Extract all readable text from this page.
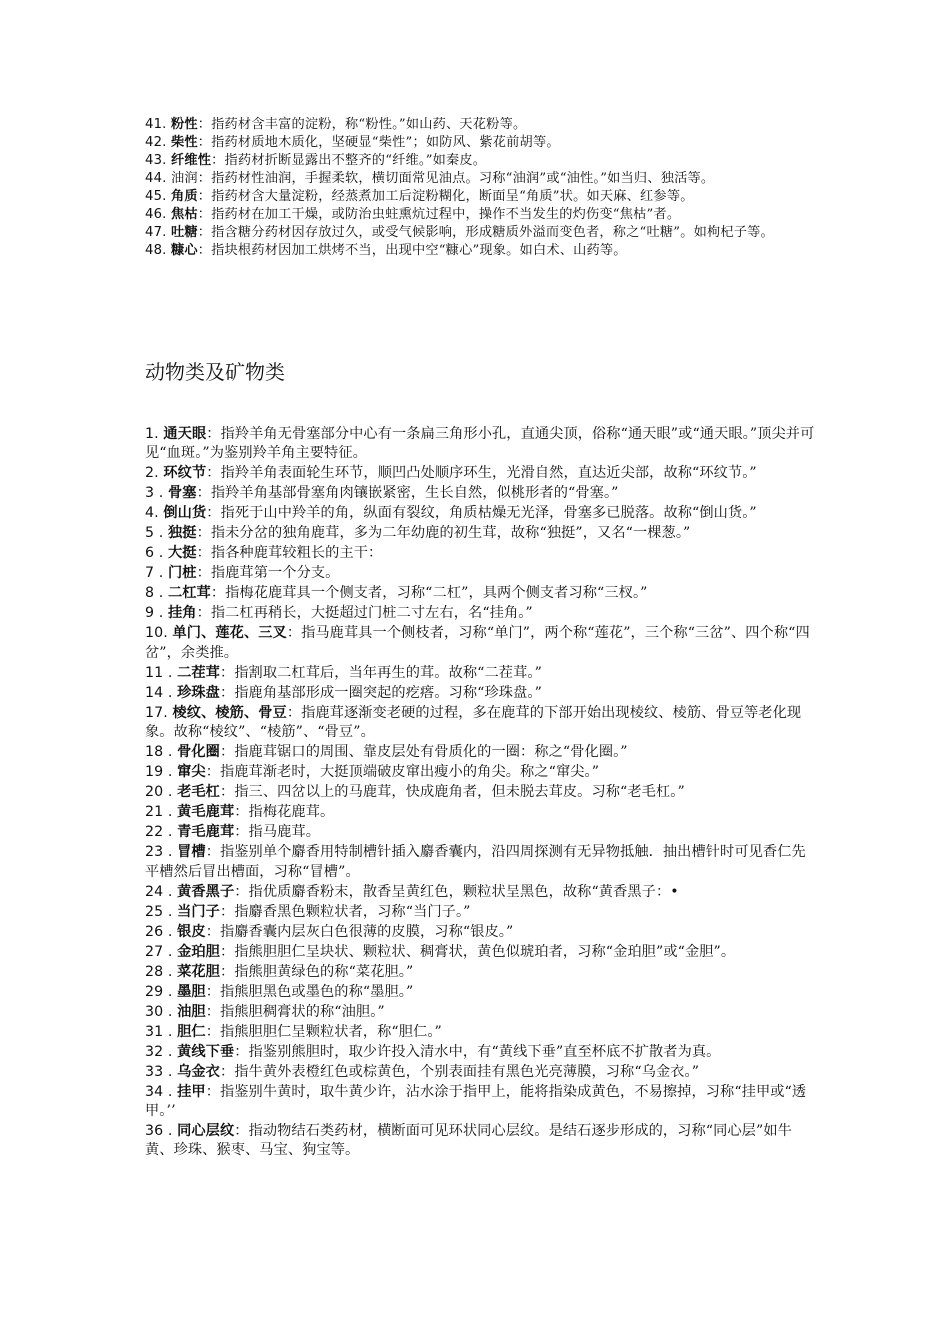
41. 粉性：指药材含丰富的淀粉，称“粉性。”如山药、天花粉等。

42. 柴性：指药材质地木质化，坚硬显“柴性”；如防风、紫花前胡等。

43. 纤维性：指药材折断显露出不整齐的“纤维。”如秦皮。

44. 油润：指药材性油润，手握柔软，横切面常见油点。习称“油润”或“油性。”如当归、独活等。

45. 角质：指药材含大量淀粉，经蒸煮加工后淀粉糊化，断面呈“角质”状。如天麻、红参等。

46. 焦枯：指药材在加工干燥，或防治虫蛀熏炕过程中，操作不当发生的灼伤变“焦枯”者。

47. 吐糖：指含糖分药材因存放过久，或受气候影响，形成糖质外溢而变色者，称之“吐糖”。如枸杞子等。

48. 糠心：指块根药材因加工烘烤不当，出现中空“糠心”现象。如白术、山药等。

动物类及矿物类

1. 通天眼：指羚羊角无骨塞部分中心有一条扁三角形小孔，直通尖顶，俗称“通天眼”或“通天眼。”顶尖并可见“血斑。”为鉴别羚羊角主要特征。

2. 环纹节：指羚羊角表面轮生环节，顺凹凸处顺序环生，光滑自然，直达近尖部，故称“环纹节。”

3 . 骨塞：指羚羊角基部骨塞角肉镶嵌紧密，生长自然，似桃形者的“骨塞。”

4. 倒山货：指死于山中羚羊的角，纵面有裂纹，角质枯燥无光泽，骨塞多已脱落。故称“倒山货。”

5 . 独挺：指未分岔的独角鹿茸，多为二年幼鹿的初生茸，故称“独挺”，又名“一棵葱。”

6 . 大挺：指各种鹿茸较粗长的主干：

7 . 门桩：指鹿茸第一个分支。

8 . 二杠茸：指梅花鹿茸具一个侧支者，习称“二杠”，具两个侧支者习称“三杈。”

9 . 挂角：指二杠再稍长，大挺超过门桩二寸左右，名“挂角。”

10. 单门、莲花、三叉：指马鹿茸具一个侧枝者，习称“单门”，两个称“莲花”，三个称“三岔”、四个称“四岔”，余类推。

11 . 二茬茸：指割取二杠茸后，当年再生的茸。故称“二茬茸。”

14 . 珍珠盘：指鹿角基部形成一圈突起的疙瘩。习称“珍珠盘。”

17. 棱纹、棱筋、骨豆：指鹿茸逐渐变老硬的过程，多在鹿茸的下部开始出现棱纹、棱筋、骨豆等老化现象。故称“棱纹”、“棱筋”、“骨豆”。

18 . 骨化圈：指鹿茸锯口的周围、靠皮层处有骨质化的一圈：称之“骨化圈。”

19 . 窜尖：指鹿茸渐老时，大挺顶端破皮窜出瘦小的角尖。称之“窜尖。”

20 . 老毛杠：指三、四岔以上的马鹿茸，快成鹿角者，但未脱去茸皮。习称“老毛杠。”

21 . 黄毛鹿茸：指梅花鹿茸。

22 . 青毛鹿茸：指马鹿茸。

23 . 冒槽：指鉴别单个麝香用特制槽针插入麝香囊内，沿四周探测有无异物抵触．抽出槽针时可见香仁先平槽然后冒出槽面，习称“冒槽”。

24 . 黄香黑子：指优质麝香粉末，散香呈黄红色，颗粒状呈黑色，故称“黄香黑子：•

25 . 当门子：指麝香黑色颗粒状者，习称“当门子。”

26 . 银皮：指麝香囊内层灰白色很薄的皮膜，习称“银皮。”

27 . 金珀胆：指熊胆胆仁呈块状、颗粒状、稠膏状，黄色似琥珀者，习称“金珀胆”或“金胆”。

28 . 菜花胆：指熊胆黄绿色的称“菜花胆。”

29 . 墨胆：指熊胆黑色或墨色的称“墨胆。”

30 . 油胆：指熊胆稠膏状的称“油胆。”

31 . 胆仁：指熊胆胆仁呈颗粒状者，称“胆仁。”

32 . 黄线下垂：指鉴别熊胆时，取少许投入清水中，有“黄线下垂”直至杯底不扩散者为真。

33 . 乌金衣：指牛黄外表橙红色或棕黄色，个别表面挂有黑色光亮薄膜，习称“乌金衣。”

34 . 挂甲：指鉴别牛黄时，取牛黄少许，沾水涂于指甲上，能将指染成黄色，不易擦掉，习称“挂甲或“透甲。’’

36 . 同心层纹：指动物结石类药材，横断面可见环状同心层纹。是结石逐步形成的，习称“同心层”如牛黄、珍珠、猴枣、马宝、狗宝等。
